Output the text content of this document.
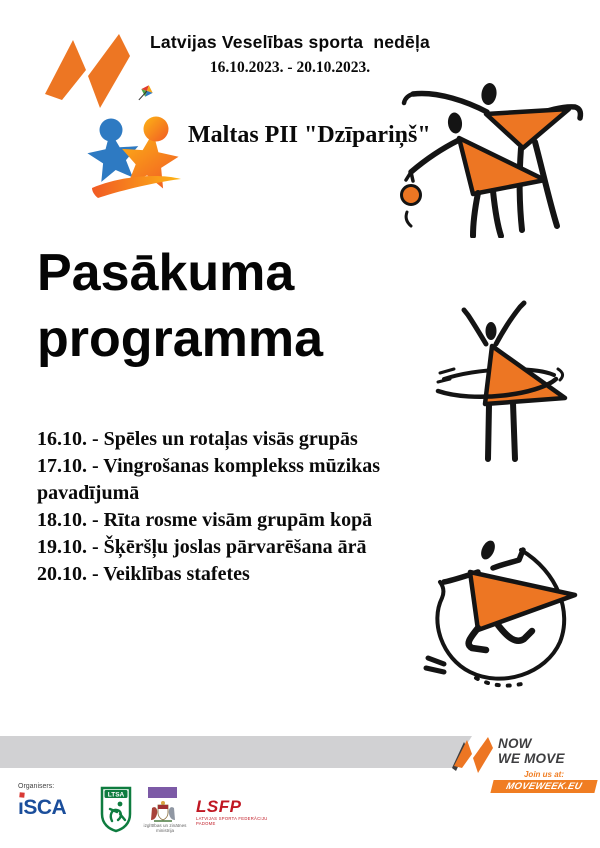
Latvijas Veselības sporta  nedēļa
16.10.2023. - 20.10.2023.
Maltas PII "Dzīpariņš"
Pasākuma programma
16.10. - Spēles un rotaļas visās grupās
17.10. - Vingrošanas komplekss mūzikas pavadījumā
18.10. - Rīta rosme visām grupām kopā
19.10. - Šķēršļu joslas pārvarēšana ārā
20.10. - Veiklības stafetes
NOW
WE MOVE
Join us at:
MOVEWEEK.EU
Organisers:
ıSCA
LTSA
izglītības un zinātnes
ministrija
LSFP
LATVIJAS SPORTA FEDERĀCIJU PADOME
